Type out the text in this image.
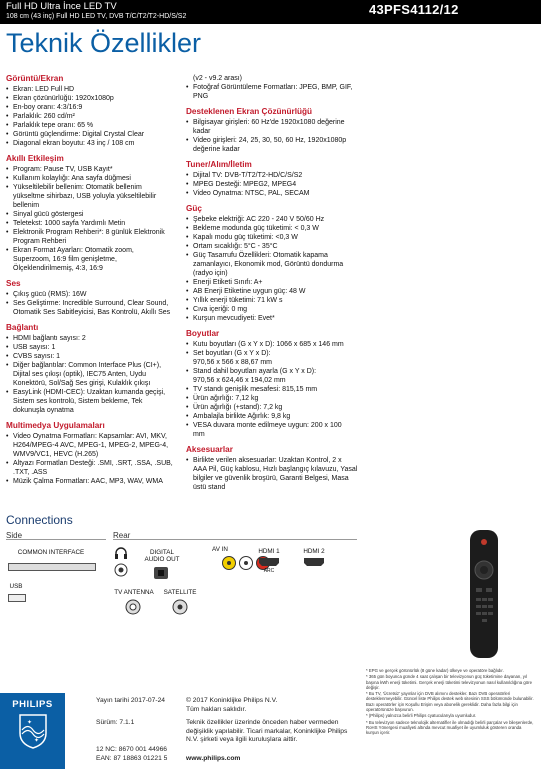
Full HD Ultra İnce LED TV
108 cm (43 inç) Full HD LED TV, DVB T/C/T2/T2-HD/S/S2	43PFS4112/12
Teknik Özellikler
Görüntü/Ekran
• Ekran: LED Full HD
• Ekran çözünürlüğü: 1920x1080p
• En-boy oranı: 4:3/16:9
• Parlaklık: 260 cd/m²
• Parlaklık tepe oranı: 65 %
• Görüntü güçlendirme: Digital Crystal Clear
• Diagonal ekran boyutu: 43 inç / 108 cm
Akıllı Etkileşim
• Program: Pause TV, USB Kayıt*
• Kullanım kolaylığı: Ana sayfa düğmesi
• Yükseltilebilir bellenim: Otomatik bellenim
yükseltme sihirbazı, USB yoluyla yükseltilebilir
bellenim
• Sinyal gücü göstergesi
• Teletekst: 1000 sayfa Yardımlı Metin
• Elektronik Program Rehberi*: 8 günlük Elektronik
Program Rehberi
• Ekran Format Ayarları: Otomatik zoom,
Superzoom, 16:9 film genişletme,
Ölçeklendirilmemiş, 4:3, 16:9
Ses
• Çıkış gücü (RMS): 16W
• Ses Geliştirme: Incredible Surround, Clear Sound,
Otomatik Ses Sabitleyicisi, Bas Kontrolü, Akıllı Ses
Bağlantı
• HDMI bağlantı sayısı: 2
• USB sayısı: 1
• CVBS sayısı: 1
• Diğer bağlantılar: Common Interface Plus (CI+),
Dijital ses çıkışı (optik), IEC75 Anten, Uydu
Konektörü, Sol/Sağ Ses girişi, Kulaklık çıkışı
• EasyLink (HDMI-CEC): Uzaktan kumanda geçişi,
Sistem ses kontrolü, Sistem bekleme, Tek
dokunuşla oynatma
Multimedya Uygulamaları
• Video Oynatma Formatları: Kapsamlar: AVI, MKV,
H264/MPEG-4 AVC, MPEG-1, MPEG-2, MPEG-4,
WMV9/VC1, HEVC (H.265)
• Altyazı Formatları Desteği: .SMI, .SRT, .SSA, .SUB,
.TXT, .ASS
• Müzik Çalma Formatları: AAC, MP3, WAV, WMA
(v2 - v9.2 arası)
• Fotoğraf Görüntüleme Formatları: JPEG, BMP, GIF,
PNG
Desteklenen Ekran Çözünürlüğü
• Bilgisayar girişleri: 60 Hz'de 1920x1080 değerine
kadar
• Video girişleri: 24, 25, 30, 50, 60 Hz, 1920x1080p
değerine kadar
Tuner/Alım/İletim
• Dijital TV: DVB-T/T2/T2-HD/C/S/S2
• MPEG Desteği: MPEG2, MPEG4
• Video Oynatma: NTSC, PAL, SECAM
Güç
• Şebeke elektriği: AC 220 - 240 V 50/60 Hz
• Bekleme modunda güç tüketimi: < 0,3 W
• Kapalı modu güç tüketimi: <0,3 W
• Ortam sıcaklığı: 5°C - 35°C
• Güç Tasarrufu Özellikleri: Otomatik kapama
zamanlayıcı, Ekonomik mod, Görüntü dondurma
(radyo için)
• Enerji Etiketi Sınıfı: A+
• AB Enerji Etiketine uygun güç: 48 W
• Yıllık enerji tüketimi: 71 kW s
• Cıva içeriği: 0 mg
• Kurşun mevcudiyeti: Evet*
Boyutlar
• Kutu boyutları (G x Y x D): 1066 x 685 x 146 mm
• Set boyutları (G x Y x D):
970,56 x 566 x 88,67 mm
• Stand dahil boyutları ayarla (G x Y x D):
970,56 x 624,46 x 194,02 mm
• TV standı genişlik mesafesi: 815,15 mm
• Ürün ağırlığı: 7,12 kg
• Ürün ağırlığı (+stand): 7,2 kg
• Ambalajla birlikte Ağırlık: 9,8 kg
• VESA duvara monte edilmeye uygun: 200 x 100
mm
Aksesuarlar
• Birlikte verilen aksesuarlar: Uzaktan Kontrol, 2 x
AAA Pil, Güç kablosu, Hızlı başlangıç kılavuzu, Yasal
bilgiler ve güvenlik broşürü, Garanti Belgesi, Masa
üstü stand
Connections
Side	Rear
COMMON INTERFACE
USB
DIGITAL
AUDIO OUT
AV IN	HDMI 1
ARC
HDMI 2
TV ANTENNA	SATELLITE
PHILIPS
✦
✦
Yayın tarihi 2017-07-24
Sürüm: 7.1.1
12 NC: 8670 001 44966
EAN: 87 18863 01221 5
© 2017 Koninklijke Philips N.V.
Tüm hakları saklıdır.
Teknik özellikler üzerinde önceden haber vermeden
değişiklik yapılabilir. Ticari markalar, Koninklijke Philips
N.V. şirketi veya ilgili kuruluşlara aittir.
www.philips.com
* EPG ve gerçek görünürlük (8 güne kadar) ülkeye ve operatöre bağlıdır.
* 365 gün boyunca günde 4 saat çalışan bir televizyonun güç tüketimine dayanan, yıl başına kWh enerji tüketimi. Gerçek enerji tüketimi televizyonun nasıl kullanıldığına göre değişir.
* Bu TV, 'Ücretsiz' yayınlar için DVB alımını destekler. Bazı DVB operatörleri desteklenmeyebilir. Güncel liste Philips destek web sitesinin SSS bölümünde bulunabilir. Bazı operatörler için Koşullu Erişim veya abonelik gereklidir. Daha fazla bilgi için operatörünüze başvurun.
* (Philips) yalnızca belirli Philips cyatucularıyla uyumludur.
* Bu televizyon sadece teknolojik alternatifler ile olmadığı belirli parçalar ve bileşenlerde, RoHS Yönergesi muafiyeti altında mevcut muafiyet ile uyumluluk gösteren oranda kurşun içerir.
